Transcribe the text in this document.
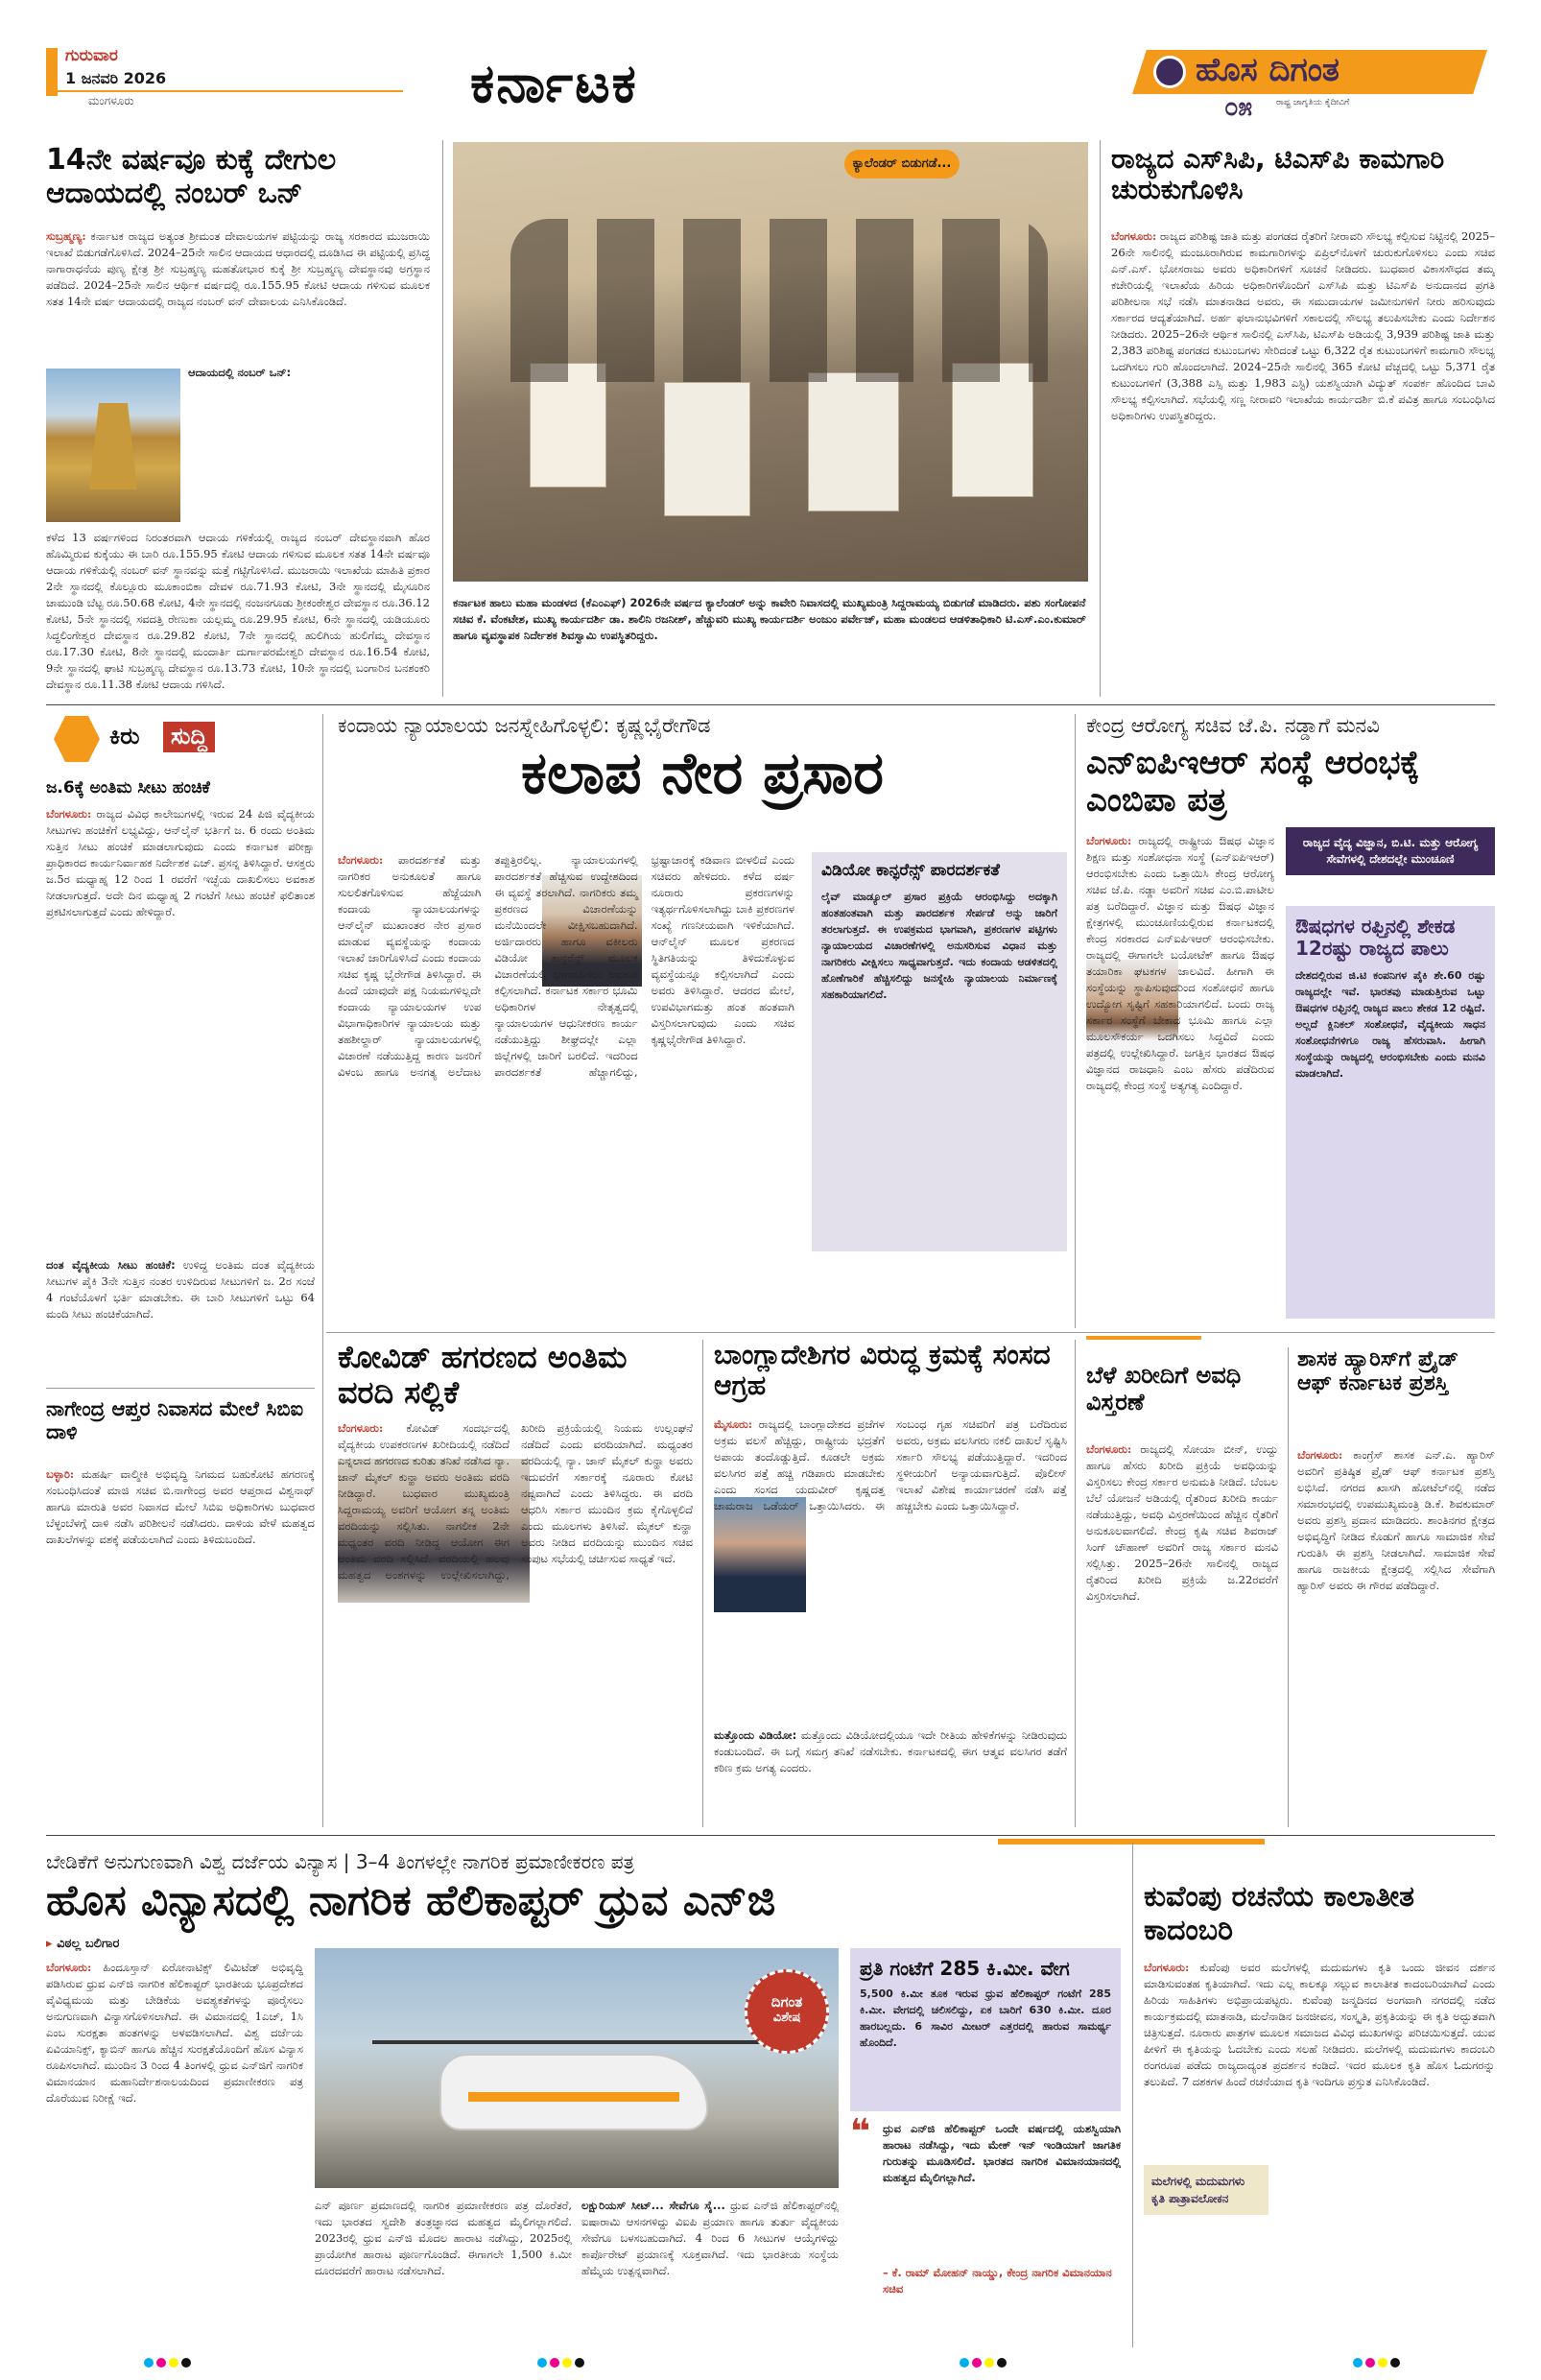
ಗುರುವಾರ
1 ಜನವರಿ 2026
ಮಂಗಳೂರು	ಕರ್ನಾಟಕ	ಹೊಸ ದಿಗಂತ
ರಾಷ್ಟ್ರ ಜಾಗೃತಿಯ ಕೈದೀವಿಗೆ
೦೫
14ನೇ ವರ್ಷವೂ ಕುಕ್ಕೆ ದೇಗುಲ ಆದಾಯದಲ್ಲಿ ನಂಬರ್ ಒನ್
ಸುಬ್ರಹ್ಮಣ್ಯ: ಕರ್ನಾಟಕ ರಾಜ್ಯದ ಅತ್ಯಂತ ಶ್ರೀಮಂತ ದೇವಾಲಯಗಳ ಪಟ್ಟಿಯನ್ನು ರಾಜ್ಯ ಸರಕಾರದ ಮುಜರಾಯಿ ಇಲಾಖೆ ಬಿಡುಗಡೆಗೊಳಿಸಿದೆ. 2024–25ನೇ ಸಾಲಿನ ಆದಾಯದ ಆಧಾರದಲ್ಲಿ ದೂಡಿಸಿದ ಈ ಪಟ್ಟಿಯಲ್ಲಿ ಪ್ರಸಿದ್ಧ ನಾಗಾರಾಧನೆಯ ಪುಣ್ಯ ಕ್ಷೇತ್ರ ಶ್ರೀ ಸುಬ್ರಹ್ಮಣ್ಯ ಮಹತೋಭಾರ ಕುಕ್ಕೆ ಶ್ರೀ ಸುಬ್ರಹ್ಮಣ್ಯ ದೇವಸ್ಥಾನವು ಅಗ್ರಸ್ಥಾನ ಪಡೆದಿದೆ. 2024–25ನೇ ಸಾಲಿನ ಆರ್ಥಿಕ ವರ್ಷದಲ್ಲಿ ರೂ.155.95 ಕೋಟಿ ಆದಾಯ ಗಳಿಸುವ ಮೂಲಕ ಸತತ 14ನೇ ವರ್ಷ ಆದಾಯದಲ್ಲಿ ರಾಜ್ಯದ ನಂಬರ್ ವನ್ ದೇವಾಲಯ ಎನಿಸಿಕೊಂಡಿದೆ.
ಆದಾಯದಲ್ಲಿ ನಂಬರ್ ಒನ್:
ಕಳೆದ 13 ವರ್ಷಗಳಿಂದ ನಿರಂತರವಾಗಿ ಆದಾಯ ಗಳಿಕೆಯಲ್ಲಿ ರಾಜ್ಯದ ನಂಬರ್ ದೇವಸ್ಥಾನವಾಗಿ ಹೊರ ಹೊಮ್ಮಿರುವ ಕುಕ್ಕೆಯು ಈ ಬಾರಿ ರೂ.155.95 ಕೋಟಿ ಆದಾಯ ಗಳಿಸುವ ಮೂಲಕ ಸತತ 14ನೇ ವರ್ಷವೂ ಆದಾಯ ಗಳಿಕೆಯಲ್ಲಿ ನಂಬರ್ ವನ್ ಸ್ಥಾನವನ್ನು ಮತ್ತೆ ಗಟ್ಟಿಗೊಳಿಸಿದೆ. ಮುಜರಾಯಿ ಇಲಾಖೆಯ ಮಾಹಿತಿ ಪ್ರಕಾರ 2ನೇ ಸ್ಥಾನದಲ್ಲಿ ಕೊಲ್ಲೂರು ಮೂಕಾಂಬಿಕಾ ದೇವಳ ರೂ.71.93 ಕೋಟಿ, 3ನೇ ಸ್ಥಾನದಲ್ಲಿ ಮೈಸೂರಿನ ಚಾಮುಂಡಿ ಬೆಟ್ಟ ರೂ.50.68 ಕೋಟಿ, 4ನೇ ಸ್ಥಾನದಲ್ಲಿ ನಂಜನಗೂಡು ಶ್ರೀಕಂಠೇಶ್ವರ ದೇವಸ್ಥಾನ ರೂ.36.12 ಕೋಟಿ, 5ನೇ ಸ್ಥಾನದಲ್ಲಿ ಸವದತ್ತಿ ರೇಣುಕಾ ಯಲ್ಲಮ್ಮ ರೂ.29.95 ಕೋಟಿ, 6ನೇ ಸ್ಥಾನದಲ್ಲಿ ಯಡಿಯೂರು ಸಿದ್ಧಲಿಂಗೇಶ್ವರ ದೇವಸ್ಥಾನ ರೂ.29.82 ಕೋಟಿ, 7ನೇ ಸ್ಥಾನದಲ್ಲಿ ಹುಲಿಗಿಯ ಹುಲಿಗೆಮ್ಮ ದೇವಸ್ಥಾನ ರೂ.17.30 ಕೋಟಿ, 8ನೇ ಸ್ಥಾನದಲ್ಲಿ ಮಂದಾರ್ತಿ ದುರ್ಗಾಪರಮೇಶ್ವರಿ ದೇವಸ್ಥಾನ ರೂ.16.54 ಕೋಟಿ, 9ನೇ ಸ್ಥಾನದಲ್ಲಿ ಘಾಟಿ ಸುಬ್ರಹ್ಮಣ್ಯ ದೇವಸ್ಥಾನ ರೂ.13.73 ಕೋಟಿ, 10ನೇ ಸ್ಥಾನದಲ್ಲಿ ಬಂಗಾರಿನ ಬನಶಂಕರಿ ದೇವಸ್ಥಾನ ರೂ.11.38 ಕೋಟಿ ಆದಾಯ ಗಳಿಸಿದೆ.
ಕ್ಯಾಲೆಂಡರ್ ಬಿಡುಗಡೆ...
ಕರ್ನಾಟಕ ಹಾಲು ಮಹಾ ಮಂಡಳದ (ಕೆಎಂಎಫ್) 2026ನೇ ವರ್ಷದ ಕ್ಯಾಲೆಂಡರ್ ಅನ್ನು ಕಾವೇರಿ ನಿವಾಸದಲ್ಲಿ ಮುಖ್ಯಮಂತ್ರಿ ಸಿದ್ದರಾಮಯ್ಯ ಬಿಡುಗಡೆ ಮಾಡಿದರು. ಪಶು ಸಂಗೋಪನೆ ಸಚಿವ ಕೆ. ವೆಂಕಟೇಶ, ಮುಖ್ಯ ಕಾರ್ಯದರ್ಶಿ ಡಾ. ಶಾಲಿನಿ ರಜನೀಶ್, ಹೆಚ್ಚುವರಿ ಮುಖ್ಯ ಕಾರ್ಯದರ್ಶಿ ಅಂಜುಂ ಪರ್ವೇಜ್, ಮಹಾ ಮಂಡಲದ ಆಡಳಿತಾಧಿಕಾರಿ ಟಿ.ಎಸ್.ಎಂ.ಕುಮಾರ್ ಹಾಗೂ ವ್ಯವಸ್ಥಾಪಕ ನಿರ್ದೇಶಕ ಶಿವಸ್ವಾಮಿ ಉಪಸ್ಥಿತರಿದ್ದರು.
ರಾಜ್ಯದ ಎಸ್‌ಸಿಪಿ, ಟಿಎಸ್‌ಪಿ ಕಾಮಗಾರಿ ಚುರುಕುಗೊಳಿಸಿ
ಬೆಂಗಳೂರು: ರಾಜ್ಯದ ಪರಿಶಿಷ್ಟ ಜಾತಿ ಮತ್ತು ಪಂಗಡದ ರೈತರಿಗೆ ನೀರಾವರಿ ಸೌಲಭ್ಯ ಕಲ್ಪಿಸುವ ನಿಟ್ಟಿನಲ್ಲಿ 2025–26ನೇ ಸಾಲಿನಲ್ಲಿ ಮಂಜೂರಾಗಿರುವ ಕಾಮಗಾರಿಗಳನ್ನು ಏಪ್ರಿಲ್‌ನೊಳಗೆ ಚುರುಕುಗೊಳಿಸಲು ಎಂದು ಸಚಿವ ಎನ್.ಎಸ್. ಭೋಸರಾಜು ಅವರು ಅಧಿಕಾರಿಗಳಿಗೆ ಸೂಚನೆ ನೀಡಿದರು. ಬುಧವಾರ ವಿಕಾಸಸೌಧದ ತಮ್ಮ ಕಚೇರಿಯಲ್ಲಿ ಇಲಾಖೆಯ ಹಿರಿಯ ಅಧಿಕಾರಿಗಳೊಂದಿಗೆ ಎಸ್‌ಸಿಪಿ ಮತ್ತು ಟಿಎಸ್‌ಪಿ ಅನುದಾನದ ಪ್ರಗತಿ ಪರಿಶೀಲನಾ ಸಭೆ ನಡೆಸಿ ಮಾತನಾಡಿದ ಅವರು, ಈ ಸಮುದಾಯಗಳ ಜಮೀನುಗಳಿಗೆ ನೀರು ಹರಿಸುವುದು ಸರ್ಕಾರದ ಆದ್ಯತೆಯಾಗಿದೆ. ಅರ್ಹ ಫಲಾನುಭವಿಗಳಿಗೆ ಸಕಾಲದಲ್ಲಿ ಸೌಲಭ್ಯ ತಲುಪಿಸಬೇಕು ಎಂದು ನಿರ್ದೇಶನ ನೀಡಿದರು. 2025–26ನೇ ಆರ್ಥಿಕ ಸಾಲಿನಲ್ಲಿ ಎಸ್‌ಸಿಪಿ, ಟಿಎಸ್‌ಪಿ ಅಡಿಯಲ್ಲಿ 3,939 ಪರಿಶಿಷ್ಟ ಜಾತಿ ಮತ್ತು 2,383 ಪರಿಶಿಷ್ಟ ಪಂಗಡದ ಕುಟುಂಬಗಳು ಸೇರಿದಂತೆ ಒಟ್ಟು 6,322 ರೈತ ಕುಟುಂಬಗಳಿಗೆ ಕಾಮಗಾರಿ ಸೌಲಭ್ಯ ಒದಗಿಸಲು ಗುರಿ ಹೊಂದಲಾಗಿದೆ. 2024–25ನೇ ಸಾಲಿನಲ್ಲಿ 365 ಕೋಟಿ ವೆಚ್ಚದಲ್ಲಿ ಒಟ್ಟು 5,371 ರೈತ ಕುಟುಂಬಗಳಿಗೆ (3,388 ಎಸ್ಸಿ ಮತ್ತು 1,983 ಎಸ್ಟಿ) ಯಶಸ್ವಿಯಾಗಿ ವಿದ್ಯುತ್ ಸಂಪರ್ಕ ಹೊಂದಿದ ಬಾವಿ ಸೌಲಭ್ಯ ಕಲ್ಪಿಸಲಾಗಿದೆ. ಸಭೆಯಲ್ಲಿ ಸಣ್ಣ ನೀರಾವರಿ ಇಲಾಖೆಯ ಕಾರ್ಯದರ್ಶಿ ಬಿ.ಕೆ ಪವಿತ್ರ ಹಾಗೂ ಸಂಬಂಧಿಸಿದ ಅಧಿಕಾರಿಗಳು ಉಪಸ್ಥಿತರಿದ್ದರು.
ಕಿರು	ಸುದ್ದಿ
ಜ.6ಕ್ಕೆ ಅಂತಿಮ ಸೀಟು ಹಂಚಿಕೆ
ಬೆಂಗಳೂರು: ರಾಜ್ಯದ ವಿವಿಧ ಕಾಲೇಜುಗಳಲ್ಲಿ ಇರುವ 24 ಪಿಜಿ ವೈದ್ಯಕೀಯ ಸೀಟುಗಳು ಹಂಚಿಕೆಗೆ ಲಭ್ಯವಿದ್ದು, ಆನ್‌ಲೈನ್ ಭರ್ತಿಗೆ ಜ. 6 ರಂದು ಅಂತಿಮ ಸುತ್ತಿನ ಸೀಟು ಹಂಚಿಕೆ ಮಾಡಲಾಗುವುದು ಎಂದು ಕರ್ನಾಟಕ ಪರೀಕ್ಷಾ ಪ್ರಾಧಿಕಾರದ ಕಾರ್ಯನಿರ್ವಾಹಕ ನಿರ್ದೇಶಕ ಎಚ್. ಪ್ರಸನ್ನ ತಿಳಿಸಿದ್ದಾರೆ. ಆಸಕ್ತರು ಜ.5ರ ಮಧ್ಯಾಹ್ನ 12 ರಿಂದ 1 ರವರೆಗೆ ಇಚ್ಛೆಯ ದಾಖಲಿಸಲು ಅವಕಾಶ ನೀಡಲಾಗುತ್ತದೆ. ಅದೇ ದಿನ ಮಧ್ಯಾಹ್ನ 2 ಗಂಟೆಗೆ ಸೀಟು ಹಂಚಿಕೆ ಫಲಿತಾಂಶ ಪ್ರಕಟಿಸಲಾಗುತ್ತದೆ ಎಂದು ಹೇಳಿದ್ದಾರೆ.
ದಂತ ವೈದ್ಯಕೀಯ ಸೀಟು ಹಂಚಿಕೆ: ಉಳಿದ್ದ ಅಂತಿಮ ದಂತ ವೈದ್ಯಕೀಯ ಸೀಟುಗಳ ಪೈಕಿ 3ನೇ ಸುತ್ತಿನ ನಂತರ ಉಳಿದಿರುವ ಸೀಟುಗಳಿಗೆ ಜ. 2ರ ಸಂಜೆ 4 ಗಂಟೆಯೊಳಗೆ ಭರ್ತಿ ಮಾಡಬೇಕು. ಈ ಬಾರಿ ಸೀಟುಗಳಿಗೆ ಒಟ್ಟು 64 ಮಂದಿ ಸೀಟು ಹಂಚಿಕೆಯಾಗಿದೆ.
ನಾಗೇಂದ್ರ ಆಪ್ತರ ನಿವಾಸದ ಮೇಲೆ ಸಿಬಿಐ ದಾಳಿ
ಬಳ್ಳಾರಿ: ಮಹರ್ಷಿ ವಾಲ್ಮೀಕಿ ಅಭಿವೃದ್ಧಿ ನಿಗಮದ ಬಹುಕೋಟಿ ಹಗರಣಕ್ಕೆ ಸಂಬಂಧಿಸಿದಂತೆ ಮಾಜಿ ಸಚಿವ ಬಿ.ನಾಗೇಂದ್ರ ಅವರ ಆಪ್ತರಾದ ವಿಶ್ವನಾಥ್ ಹಾಗೂ ಮಾರುತಿ ಅವರ ನಿವಾಸದ ಮೇಲೆ ಸಿಬಿಐ ಅಧಿಕಾರಿಗಳು ಬುಧವಾರ ಬೆಳ್ಳಂಬೆಳಗ್ಗೆ ದಾಳಿ ನಡೆಸಿ ಪರಿಶೀಲನೆ ನಡೆಸಿದರು. ದಾಳಿಯ ವೇಳೆ ಮಹತ್ವದ ದಾಖಲೆಗಳನ್ನು ವಶಕ್ಕೆ ಪಡೆಯಲಾಗಿದೆ ಎಂದು ತಿಳಿದುಬಂದಿದೆ.
ಕಂದಾಯ ನ್ಯಾಯಾಲಯ ಜನಸ್ನೇಹಿಗೊಳ್ಳಲಿ: ಕೃಷ್ಣಭೈರೇಗೌಡ
ಕಲಾಪ ನೇರ ಪ್ರಸಾರ
ಬೆಂಗಳೂರು: ಪಾರದರ್ಶಕತೆ ಮತ್ತು ನಾಗರಿಕರ ಅನುಕೂಲತೆ ಹಾಗೂ ಸುಲಲಿತಗೊಳಿಸುವ ಹೆಜ್ಜೆಯಾಗಿ ಕಂದಾಯ ನ್ಯಾಯಾಲಯಗಳನ್ನು ಆನ್‌ಲೈನ್ ಮುಖಾಂತರ ನೇರ ಪ್ರಸಾರ ಮಾಡುವ ವ್ಯವಸ್ಥೆಯನ್ನು ಕಂದಾಯ ಇಲಾಖೆ ಜಾರಿಗೊಳಿಸಿದೆ ಎಂದು ಕಂದಾಯ ಸಚಿವ ಕೃಷ್ಣ ಭೈರೇಗೌಡ ತಿಳಿಸಿದ್ದಾರೆ. ಈ ಹಿಂದೆ ಯಾವುದೇ ಪಕ್ಷ ನಿಯಮಗಳಿಲ್ಲದೇ ಕಂದಾಯ ನ್ಯಾಯಾಲಯಗಳ ಉಪ ವಿಭಾಗಾಧಿಕಾರಿಗಳ ನ್ಯಾಯಾಲಯ ಮತ್ತು ತಹಶೀಲ್ದಾರ್ ನ್ಯಾಯಾಲಯಗಳಲ್ಲಿ ವಿಚಾರಣೆ ನಡೆಯುತ್ತಿದ್ದ ಕಾರಣ ಜನರಿಗೆ ವಿಳಂಬ ಹಾಗೂ ಅನಗತ್ಯ ಅಲೆದಾಟ ತಪ್ಪುತ್ತಿರಲಿಲ್ಲ. ನ್ಯಾಯಾಲಯಗಳಲ್ಲಿ ಪಾರದರ್ಶಕತೆ ಹೆಚ್ಚಿಸುವ ಉದ್ದೇಶದಿಂದ ಈ ವ್ಯವಸ್ಥೆ ತರಲಾಗಿದೆ. ನಾಗರಿಕರು ತಮ್ಮ ಪ್ರಕರಣದ ವಿಚಾರಣೆಯನ್ನು ಮನೆಯಿಂದಲೇ ವೀಕ್ಷಿಸಬಹುದಾಗಿದೆ. ಅರ್ಜಿದಾರರು ಹಾಗೂ ವಕೀಲರು ವಿಡಿಯೋ ಕಾನ್ಫರೆನ್ಸ್ ಮೂಲಕ ವಿಚಾರಣೆಯಲ್ಲಿ ಭಾಗವಹಿಸಲು ಅವಕಾಶ ಕಲ್ಪಿಸಲಾಗಿದೆ. ಕರ್ನಾಟಕ ಸರ್ಕಾರ ಭೂಮಿ ಅಧಿಕಾರಿಗಳ ನೇತೃತ್ವದಲ್ಲಿ ನ್ಯಾಯಾಲಯಗಳ ಆಧುನೀಕರಣ ಕಾರ್ಯ ನಡೆಯುತ್ತಿದ್ದು ಶೀಘ್ರದಲ್ಲೇ ಎಲ್ಲಾ ಜಿಲ್ಲೆಗಳಲ್ಲಿ ಜಾರಿಗೆ ಬರಲಿದೆ. ಇದರಿಂದ ಪಾರದರ್ಶಕತೆ ಹೆಚ್ಚಾಗಲಿದ್ದು, ಭ್ರಷ್ಟಾಚಾರಕ್ಕೆ ಕಡಿವಾಣ ಬೀಳಲಿದೆ ಎಂದು ಸಚಿವರು ಹೇಳಿದರು. ಕಳೆದ ವರ್ಷ ನೂರಾರು ಪ್ರಕರಣಗಳನ್ನು ಇತ್ಯರ್ಥಗೊಳಿಸಲಾಗಿದ್ದು ಬಾಕಿ ಪ್ರಕರಣಗಳ ಸಂಖ್ಯೆ ಗಣನೀಯವಾಗಿ ಇಳಿಕೆಯಾಗಿದೆ. ಆನ್‌ಲೈನ್ ಮೂಲಕ ಪ್ರಕರಣದ ಸ್ಥಿತಿಗತಿಯನ್ನು ತಿಳಿದುಕೊಳ್ಳುವ ವ್ಯವಸ್ಥೆಯನ್ನೂ ಕಲ್ಪಿಸಲಾಗಿದೆ ಎಂದು ಅವರು ತಿಳಿಸಿದ್ದಾರೆ. ಆದರದ ಮೇಲೆ, ಉಪವಿಭಾಗಮತ್ತು ಹಂತ ಹಂತವಾಗಿ ವಿಸ್ತರಿಸಲಾಗುವುದು ಎಂದು ಸಚಿವ ಕೃಷ್ಣಭೈರೇಗೌಡ ತಿಳಿಸಿದ್ದಾರೆ.
ವಿಡಿಯೋ ಕಾನ್ಫರೆನ್ಸ್ ಪಾರದರ್ಶಕತೆ
ಲೈವ್ ಮಾಡ್ಯೂಲ್ ಪ್ರಸಾರ ಪ್ರಕ್ರಿಯೆ ಆರಂಭಿಸಿದ್ದು ಅದಕ್ಕಾಗಿ ಹಂತಹಂತವಾಗಿ ಮತ್ತು ಪಾರದರ್ಶಕ ಸೇರ್ಪಡೆ ಅನ್ನು ಜಾರಿಗೆ ತರಲಾಗುತ್ತದೆ. ಈ ಉಪಕ್ರಮದ ಭಾಗವಾಗಿ, ಪ್ರಕರಣಗಳ ಪಟ್ಟಿಗಳು ನ್ಯಾಯಾಲಯದ ವಿಚಾರಣೆಗಳಲ್ಲಿ ಅನುಸರಿಸುವ ವಿಧಾನ ಮತ್ತು ನಾಗರಿಕರು ವೀಕ್ಷಿಸಲು ಸಾಧ್ಯವಾಗುತ್ತದೆ. ಇದು ಕಂದಾಯ ಆಡಳಿತದಲ್ಲಿ ಹೊಣೆಗಾರಿಕೆ ಹೆಚ್ಚಿಸಲಿದ್ದು ಜನಸ್ನೇಹಿ ನ್ಯಾಯಾಲಯ ನಿರ್ಮಾಣಕ್ಕೆ ಸಹಕಾರಿಯಾಗಲಿದೆ.
ಕೇಂದ್ರ ಆರೋಗ್ಯ ಸಚಿವ ಜೆ.ಪಿ. ನಡ್ಡಾಗೆ ಮನವಿ
ಎನ್‌ಐಪಿಇಆರ್ ಸಂಸ್ಥೆ ಆರಂಭಕ್ಕೆ ಎಂಬಿಪಾ ಪತ್ರ
ರಾಜ್ಯದ ವೈದ್ಯ ವಿಜ್ಞಾನ, ಬಿ.ಟಿ. ಮತ್ತು ಆರೋಗ್ಯ ಸೇವೆಗಳಲ್ಲಿ ದೇಶದಲ್ಲೇ ಮುಂಚೂಣಿ
ಬೆಂಗಳೂರು: ರಾಜ್ಯದಲ್ಲಿ ರಾಷ್ಟ್ರೀಯ ಔಷಧ ವಿಜ್ಞಾನ ಶಿಕ್ಷಣ ಮತ್ತು ಸಂಶೋಧನಾ ಸಂಸ್ಥೆ (ಎನ್‌ಐಪಿಇಆರ್) ಆರಂಭಿಸಬೇಕು ಎಂದು ಒತ್ತಾಯಿಸಿ ಕೇಂದ್ರ ಆರೋಗ್ಯ ಸಚಿವ ಜೆ.ಪಿ. ನಡ್ಡಾ ಅವರಿಗೆ ಸಚಿವ ಎಂ.ಬಿ.ಪಾಟೀಲ ಪತ್ರ ಬರೆದಿದ್ದಾರೆ. ವಿಜ್ಞಾನ ಮತ್ತು ಔಷಧ ವಿಜ್ಞಾನ ಕ್ಷೇತ್ರಗಳಲ್ಲಿ ಮುಂಚೂಣಿಯಲ್ಲಿರುವ ಕರ್ನಾಟಕದಲ್ಲಿ ಕೇಂದ್ರ ಸರಕಾರದ ಎನ್‌ಐಪಿಇಆರ್ ಆರಂಭಿಸಬೇಕು. ರಾಜ್ಯದಲ್ಲಿ ಈಗಾಗಲೇ ಬಯೋಟೆಕ್ ಹಾಗೂ ಔಷಧ ತಯಾರಿಕಾ ಘಟಕಗಳ ಜಾಲವಿದೆ. ಹೀಗಾಗಿ ಈ ಸಂಸ್ಥೆಯನ್ನು ಸ್ಥಾಪಿಸುವುದರಿಂದ ಸಂಶೋಧನೆ ಹಾಗೂ ಉದ್ಯೋಗ ಸೃಷ್ಟಿಗೆ ಸಹಕಾರಿಯಾಗಲಿದೆ. ಬಂದು ರಾಜ್ಯ ಸರ್ಕಾರ ಸಂಸ್ಥೆಗೆ ಬೇಕಾದ ಭೂಮಿ ಹಾಗೂ ಎಲ್ಲಾ ಮೂಲಸೌಕರ್ಯ ಒದಗಿಸಲು ಸಿದ್ಧವಿದೆ ಎಂದು ಪತ್ರದಲ್ಲಿ ಉಲ್ಲೇಖಿಸಿದ್ದಾರೆ. ಜಗತ್ತಿನ ಭಾರತದ ಔಷಧ ವಿಜ್ಞಾನದ ರಾಜಧಾನಿ ಎಂಬ ಹೆಸರು ಪಡೆದಿರುವ ರಾಜ್ಯದಲ್ಲಿ ಕೇಂದ್ರ ಸಂಸ್ಥೆ ಅತ್ಯಗತ್ಯ ಎಂದಿದ್ದಾರೆ.
ಔಷಧಗಳ ರಫ್ತಿನಲ್ಲಿ ಶೇಕಡ 12ರಷ್ಟು ರಾಜ್ಯದ ಪಾಲು
ದೇಶದಲ್ಲಿರುವ ಜಿ.ಟಿ ಕಂಪನಿಗಳ ಪೈಕಿ ಶೇ.60 ರಷ್ಟು ರಾಜ್ಯದಲ್ಲೇ ಇವೆ. ಭಾರತವು ಮಾಡುತ್ತಿರುವ ಒಟ್ಟು ಔಷಧಗಳ ರಫ್ತಿನಲ್ಲಿ ರಾಜ್ಯದ ಪಾಲು ಶೇಕಡ 12 ರಷ್ಟಿದೆ. ಅಲ್ಲದೆ ಕ್ಲಿನಿಕಲ್ ಸಂಶೋಧನೆ, ವೈದ್ಯಕೀಯ ಸಾಧನ ಸಂಶೋಧನೆಗಳಿಗೂ ರಾಜ್ಯ ಹೆಸರುವಾಸಿ. ಹೀಗಾಗಿ ಸಂಸ್ಥೆಯನ್ನು ರಾಜ್ಯದಲ್ಲಿ ಆರಂಭಿಸಬೇಕು ಎಂದು ಮನವಿ ಮಾಡಲಾಗಿದೆ.
ಕೋವಿಡ್ ಹಗರಣದ ಅಂತಿಮ ವರದಿ ಸಲ್ಲಿಕೆ
ಬೆಂಗಳೂರು: ಕೋವಿಡ್ ಸಂದರ್ಭದಲ್ಲಿ ವೈದ್ಯಕೀಯ ಉಪಕರಣಗಳ ಖರೀದಿಯಲ್ಲಿ ನಡೆದಿದೆ ಎನ್ನಲಾದ ಹಗರಣದ ಕುರಿತು ತನಿಖೆ ನಡೆಸಿದ ನ್ಯಾ. ಜಾನ್ ಮೈಕಲ್ ಕುನ್ಹಾ ಅವರು ಅಂತಿಮ ವರದಿ ನೀಡಿದ್ದಾರೆ. ಬುಧವಾರ ಮುಖ್ಯಮಂತ್ರಿ ಸಿದ್ದರಾಮಯ್ಯ ಅವರಿಗೆ ಆಯೋಗ ತನ್ನ ಅಂತಿಮ ವರದಿಯನ್ನು ಸಲ್ಲಿಸಿತು. ನಾಗಲೀಕ 2ನೇ ಮಧ್ಯಂತರ ವರದಿ ನೀಡಿದ್ದ ಆಯೋಗ ಈಗ ಅಂತಿಮ ವರದಿ ಸಲ್ಲಿಸಿದೆ. ವರದಿಯಲ್ಲಿ ಹಲವು ಮಹತ್ವದ ಅಂಶಗಳನ್ನು ಉಲ್ಲೇಖಿಸಲಾಗಿದ್ದು, ಖರೀದಿ ಪ್ರಕ್ರಿಯೆಯಲ್ಲಿ ನಿಯಮ ಉಲ್ಲಂಘನೆ ನಡೆದಿದೆ ಎಂದು ವರದಿಯಾಗಿದೆ. ಮಧ್ಯಂತರ ವರದಿಯಲ್ಲಿ ನ್ಯಾ. ಜಾನ್ ಮೈಕಲ್ ಕುನ್ಹಾ ಅವರು ಇದುವರೆಗೆ ಸರ್ಕಾರಕ್ಕೆ ನೂರಾರು ಕೋಟಿ ನಷ್ಟವಾಗಿದೆ ಎಂದು ತಿಳಿಸಿದ್ದರು. ಈ ವರದಿ ಆಧರಿಸಿ ಸರ್ಕಾರ ಮುಂದಿನ ಕ್ರಮ ಕೈಗೊಳ್ಳಲಿದೆ ಎಂದು ಮೂಲಗಳು ತಿಳಿಸಿವೆ. ಮೈಕಲ್ ಕುನ್ಹಾ ಅವರು ನೀಡಿದ ವರದಿಯನ್ನು ಮುಂದಿನ ಸಚಿವ ಸಂಪುಟ ಸಭೆಯಲ್ಲಿ ಚರ್ಚಿಸುವ ಸಾಧ್ಯತೆ ಇದೆ.
ಬಾಂಗ್ಲಾದೇಶಿಗರ ವಿರುದ್ಧ ಕ್ರಮಕ್ಕೆ ಸಂಸದ ಆಗ್ರಹ
ಮೈಸೂರು: ರಾಜ್ಯದಲ್ಲಿ ಬಾಂಗ್ಲಾದೇಶದ ಪ್ರಜೆಗಳ ಅಕ್ರಮ ವಲಸೆ ಹೆಚ್ಚಿದ್ದು, ರಾಷ್ಟ್ರೀಯ ಭದ್ರತೆಗೆ ಅಪಾಯ ತಂದೊಡ್ಡುತ್ತಿದೆ. ಕೂಡಲೇ ಅಕ್ರಮ ವಲಸಿಗರ ಪತ್ತೆ ಹಚ್ಚಿ ಗಡಿಪಾರು ಮಾಡಬೇಕು ಎಂದು ಸಂಸದ ಯದುವೀರ್ ಕೃಷ್ಣದತ್ತ ಚಾಮರಾಜ ಒಡೆಯರ್ ಒತ್ತಾಯಿಸಿದರು. ಈ ಸಂಬಂಧ ಗೃಹ ಸಚಿವರಿಗೆ ಪತ್ರ ಬರೆದಿರುವ ಅವರು, ಅಕ್ರಮ ವಲಸಿಗರು ನಕಲಿ ದಾಖಲೆ ಸೃಷ್ಟಿಸಿ ಸರ್ಕಾರಿ ಸೌಲಭ್ಯ ಪಡೆಯುತ್ತಿದ್ದಾರೆ. ಇದರಿಂದ ಸ್ಥಳೀಯರಿಗೆ ಅನ್ಯಾಯವಾಗುತ್ತಿದೆ. ಪೊಲೀಸ್ ಇಲಾಖೆ ವಿಶೇಷ ಕಾರ್ಯಾಚರಣೆ ನಡೆಸಿ ಪತ್ತೆ ಹಚ್ಚಬೇಕು ಎಂದು ಒತ್ತಾಯಿಸಿದ್ದಾರೆ.
ಮತ್ತೊಂದು ವಿಡಿಯೋ: ಮತ್ತೊಂದು ವಿಡಿಯೋದಲ್ಲಿಯೂ ಇದೇ ರೀತಿಯ ಹೇಳಿಕೆಗಳನ್ನು ನೀಡಿರುವುದು ಕಂಡುಬಂದಿದೆ. ಈ ಬಗ್ಗೆ ಸಮಗ್ರ ತನಿಖೆ ನಡೆಸಬೇಕು. ಕರ್ನಾಟಕದಲ್ಲಿ ಈಗ ಆತ್ಮವ ವಲಸಿಗರ ತಡೆಗೆ ಕಠಿಣ ಕ್ರಮ ಅಗತ್ಯ ಎಂದರು.
ಬೆಳೆ ಖರೀದಿಗೆ ಅವಧಿ ವಿಸ್ತರಣೆ
ಬೆಂಗಳೂರು: ರಾಜ್ಯದಲ್ಲಿ ಸೋಯಾ ಬೀನ್, ಉದ್ದು ಹಾಗೂ ಹೆಸರು ಖರೀದಿ ಪ್ರಕ್ರಿಯೆ ಅವಧಿಯನ್ನು ವಿಸ್ತರಿಸಲು ಕೇಂದ್ರ ಸರ್ಕಾರ ಅನುಮತಿ ನೀಡಿದೆ. ಬೆಂಬಲ ಬೆಲೆ ಯೋಜನೆ ಅಡಿಯಲ್ಲಿ ರೈತರಿಂದ ಖರೀದಿ ಕಾರ್ಯ ನಡೆಯುತ್ತಿದ್ದು, ಅವಧಿ ವಿಸ್ತರಣೆಯಿಂದ ಹೆಚ್ಚಿನ ರೈತರಿಗೆ ಅನುಕೂಲವಾಗಲಿದೆ. ಕೇಂದ್ರ ಕೃಷಿ ಸಚಿವ ಶಿವರಾಜ್ ಸಿಂಗ್ ಚೌಹಾಣ್ ಅವರಿಗೆ ರಾಜ್ಯ ಸರ್ಕಾರ ಮನವಿ ಸಲ್ಲಿಸಿತ್ತು. 2025–26ನೇ ಸಾಲಿನಲ್ಲಿ ರಾಜ್ಯದ ರೈತರಿಂದ ಖರೀದಿ ಪ್ರಕ್ರಿಯೆ ಜ.22ರವರೆಗೆ ವಿಸ್ತರಿಸಲಾಗಿದೆ.
ಶಾಸಕ ಹ್ಯಾರಿಸ್‌ಗೆ ಪ್ರೈಡ್ ಆಫ್ ಕರ್ನಾಟಕ ಪ್ರಶಸ್ತಿ
ಬೆಂಗಳೂರು: ಕಾಂಗ್ರೆಸ್ ಶಾಸಕ ಎನ್.ಎ. ಹ್ಯಾರಿಸ್ ಅವರಿಗೆ ಪ್ರತಿಷ್ಠಿತ ಪ್ರೈಡ್ ಆಫ್ ಕರ್ನಾಟಕ ಪ್ರಶಸ್ತಿ ಲಭಿಸಿದೆ. ನಗರದ ಖಾಸಗಿ ಹೋಟೆಲ್‌ನಲ್ಲಿ ನಡೆದ ಸಮಾರಂಭದಲ್ಲಿ ಉಪಮುಖ್ಯಮಂತ್ರಿ ಡಿ.ಕೆ. ಶಿವಕುಮಾರ್ ಅವರು ಪ್ರಶಸ್ತಿ ಪ್ರದಾನ ಮಾಡಿದರು. ಶಾಂತಿನಗರ ಕ್ಷೇತ್ರದ ಅಭಿವೃದ್ಧಿಗೆ ನೀಡಿದ ಕೊಡುಗೆ ಹಾಗೂ ಸಾಮಾಜಿಕ ಸೇವೆ ಗುರುತಿಸಿ ಈ ಪ್ರಶಸ್ತಿ ನೀಡಲಾಗಿದೆ. ಸಾಮಾಜಿಕ ಸೇವೆ ಹಾಗೂ ರಾಜಕೀಯ ಕ್ಷೇತ್ರದಲ್ಲಿ ಸಲ್ಲಿಸಿದ ಸೇವೆಗಾಗಿ ಹ್ಯಾರಿಸ್ ಅವರು ಈ ಗೌರವ ಪಡೆದಿದ್ದಾರೆ.
ಬೇಡಿಕೆಗೆ ಅನುಗುಣವಾಗಿ ವಿಶ್ವ ದರ್ಜೆಯ ವಿನ್ಯಾಸ | 3–4 ತಿಂಗಳಲ್ಲೇ ನಾಗರಿಕ ಪ್ರಮಾಣೀಕರಣ ಪತ್ರ
ಹೊಸ ವಿನ್ಯಾಸದಲ್ಲಿ ನಾಗರಿಕ ಹೆಲಿಕಾಪ್ಟರ್ ಧ್ರುವ ಎನ್‌ಜಿ
▸ ವಿಠಲ್ಲ ಬಲಿಗಾರ
ಬೆಂಗಳೂರು: ಹಿಂದೂಸ್ತಾನ್ ಏರೋನಾಟಿಕ್ಸ್ ಲಿಮಿಟೆಡ್ ಅಭಿವೃದ್ಧಿ ಪಡಿಸಿರುವ ಧ್ರುವ ಎನ್‌ಜಿ ನಾಗರಿಕ ಹೆಲಿಕಾಪ್ಟರ್ ಭಾರತೀಯ ಭೂಪ್ರದೇಶದ ವೈವಿಧ್ಯಮಯ ಮತ್ತು ಬೇಡಿಕೆಯ ಅವಶ್ಯಕತೆಗಳನ್ನು ಪೂರೈಸಲು ಅನುಗುಣವಾಗಿ ವಿನ್ಯಾಸಗೊಳಿಸಲಾಗಿದೆ. ಈ ವಿಮಾನದಲ್ಲಿ 1ಎಚ್, 1ಸಿ ಎಂಬ ಸುರಕ್ಷತಾ ಹಂತಗಳನ್ನು ಅಳವಡಿಸಲಾಗಿದೆ. ವಿಶ್ವ ದರ್ಜೆಯ ಏವಿಯಾನಿಕ್ಸ್, ಕ್ಯಾಬಿನ್ ಹಾಗೂ ಹೆಚ್ಚಿನ ಸುರಕ್ಷತೆಯೊಂದಿಗೆ ಹೊಸ ವಿನ್ಯಾಸ ರೂಪಿಸಲಾಗಿದೆ. ಮುಂದಿನ 3 ರಿಂದ 4 ತಿಂಗಳಲ್ಲಿ ಧ್ರುವ ಎನ್‌ಜಿಗೆ ನಾಗರಿಕ ವಿಮಾನಯಾನ ಮಹಾನಿರ್ದೇಶನಾಲಯದಿಂದ ಪ್ರಮಾಣೀಕರಣ ಪತ್ರ ದೊರೆಯುವ ನಿರೀಕ್ಷೆ ಇದೆ.
ದಿಗಂತ
ವಿಶೇಷ
ಎನ್ ಪೂರ್ಣ ಪ್ರಮಾಣದಲ್ಲಿ ನಾಗರಿಕ ಪ್ರಮಾಣೀಕರಣ ಪತ್ರ ದೊರೆತರೆ, ಇದು ಭಾರತದ ಸ್ವದೇಶಿ ತಂತ್ರಜ್ಞಾನದ ಮಹತ್ವದ ಮೈಲಿಗಲ್ಲಾಗಲಿದೆ. 2023ರಲ್ಲಿ ಧ್ರುವ ಎನ್‌ಜಿ ಮೊದಲ ಹಾರಾಟ ನಡೆಸಿದ್ದು, 2025ರಲ್ಲಿ ಪ್ರಾಯೋಗಿಕ ಹಾರಾಟ ಪೂರ್ಣಗೊಂಡಿದೆ. ಈಗಾಗಲೇ 1,500 ಕಿ.ಮೀ ದೂರದವರೆಗೆ ಹಾರಾಟ ನಡೆಸಲಾಗಿದೆ.
ಲಕ್ಷುರಿಯಸ್ ಸೀಟ್... ಸೇವೆಗೂ ಸೈ... ಧ್ರುವ ಎನ್‌ಜಿ ಹೆಲಿಕಾಪ್ಟರ್‌ನಲ್ಲಿ ಐಷಾರಾಮಿ ಆಸನಗಳಿದ್ದು ವಿಐಪಿ ಪ್ರಯಾಣ ಹಾಗೂ ತುರ್ತು ವೈದ್ಯಕೀಯ ಸೇವೆಗೂ ಬಳಸಬಹುದಾಗಿದೆ. 4 ರಿಂದ 6 ಸೀಟುಗಳ ಆಯ್ಕೆಗಳಿದ್ದು ಕಾರ್ಪೊರೇಟ್ ಪ್ರಯಾಣಕ್ಕೆ ಸೂಕ್ತವಾಗಿದೆ. ಇದು ಭಾರತೀಯ ಸಂಸ್ಥೆಯ ಹೆಮ್ಮೆಯ ಉತ್ಪನ್ನವಾಗಿದೆ.
ಪ್ರತಿ ಗಂಟೆಗೆ 285 ಕಿ.ಮೀ. ವೇಗ
5,500 ಕಿ.ಮೀ ತೂಕ ಇರುವ ಧ್ರುವ ಹೆಲಿಕಾಪ್ಟರ್ ಗಂಟೆಗೆ 285 ಕಿ.ಮೀ. ವೇಗದಲ್ಲಿ ಚಲಿಸಲಿದ್ದು, ಏಕ ಬಾರಿಗೆ 630 ಕಿ.ಮೀ. ದೂರ ಹಾರಬಲ್ಲದು. 6 ಸಾವಿರ ಮೀಟರ್ ಎತ್ತರದಲ್ಲಿ ಹಾರುವ ಸಾಮರ್ಥ್ಯ ಹೊಂದಿದೆ.
❝	ಧ್ರುವ ಎನ್‌ಜಿ ಹೆಲಿಕಾಪ್ಟರ್ ಒಂದೇ ವರ್ಷದಲ್ಲಿ ಯಶಸ್ವಿಯಾಗಿ ಹಾರಾಟ ನಡೆಸಿದ್ದು, ಇದು ಮೇಕ್ ಇನ್ ಇಂಡಿಯಾಗೆ ಜಾಗತಿಕ ಗುರುತನ್ನು ಮೂಡಿಸಲಿದೆ. ಭಾರತದ ನಾಗರಿಕ ವಿಮಾನಯಾನದಲ್ಲಿ ಮಹತ್ವದ ಮೈಲಿಗಲ್ಲಾಗಿದೆ.
– ಕೆ. ರಾಮ್ ಮೋಹನ್ ನಾಯ್ಡು, ಕೇಂದ್ರ ನಾಗರಿಕ ವಿಮಾನಯಾನ ಸಚಿವ
ಕುವೆಂಪು ರಚನೆಯ ಕಾಲಾತೀತ ಕಾದಂಬರಿ
ಬೆಂಗಳೂರು: ಕುವೆಂಪು ಅವರ ಮಲೆಗಳಲ್ಲಿ ಮದುಮಗಳು ಕೃತಿ ಒಂದು ಜೀವನ ದರ್ಶನ ಮಾಡಿಸುವಂತಹ ಕೃತಿಯಾಗಿದೆ. ಇದು ಎಲ್ಲ ಕಾಲಕ್ಕೂ ಸಲ್ಲುವ ಕಾಲಾತೀತ ಕಾದಂಬರಿಯಾಗಿದೆ ಎಂದು ಹಿರಿಯ ಸಾಹಿತಿಗಳು ಅಭಿಪ್ರಾಯಪಟ್ಟರು. ಕುವೆಂಪು ಜನ್ಮದಿನದ ಅಂಗವಾಗಿ ನಗರದಲ್ಲಿ ನಡೆದ ಕಾರ್ಯಕ್ರಮದಲ್ಲಿ ಮಾತನಾಡಿ, ಮಲೆನಾಡಿನ ಜನಜೀವನ, ಸಂಸ್ಕೃತಿ, ಪ್ರಕೃತಿಯನ್ನು ಈ ಕೃತಿ ಅದ್ಭುತವಾಗಿ ಚಿತ್ರಿಸುತ್ತದೆ. ನೂರಾರು ಪಾತ್ರಗಳ ಮೂಲಕ ಸಮಾಜದ ವಿವಿಧ ಮುಖಗಳನ್ನು ಪರಿಚಯಿಸುತ್ತದೆ. ಯುವ ಪೀಳಿಗೆ ಈ ಕೃತಿಯನ್ನು ಓದಬೇಕು ಎಂದು ಸಲಹೆ ನೀಡಿದರು. ಮಲೆಗಳಲ್ಲಿ ಮದುಮಗಳು ಕಾದಂಬರಿ ರಂಗರೂಪ ಪಡೆದು ರಾಜ್ಯದಾದ್ಯಂತ ಪ್ರದರ್ಶನ ಕಂಡಿದೆ. ಇದರ ಮೂಲಕ ಕೃತಿ ಹೊಸ ಓದುಗರನ್ನು ತಲುಪಿದೆ. 7 ದಶಕಗಳ ಹಿಂದೆ ರಚನೆಯಾದ ಕೃತಿ ಇಂದಿಗೂ ಪ್ರಸ್ತುತ ಎನಿಸಿಕೊಂಡಿದೆ.
ಮಲೆಗಳಲ್ಲಿ ಮದುಮಗಳು ಕೃತಿ ಪಾತ್ರಾವಲೋಕನ
